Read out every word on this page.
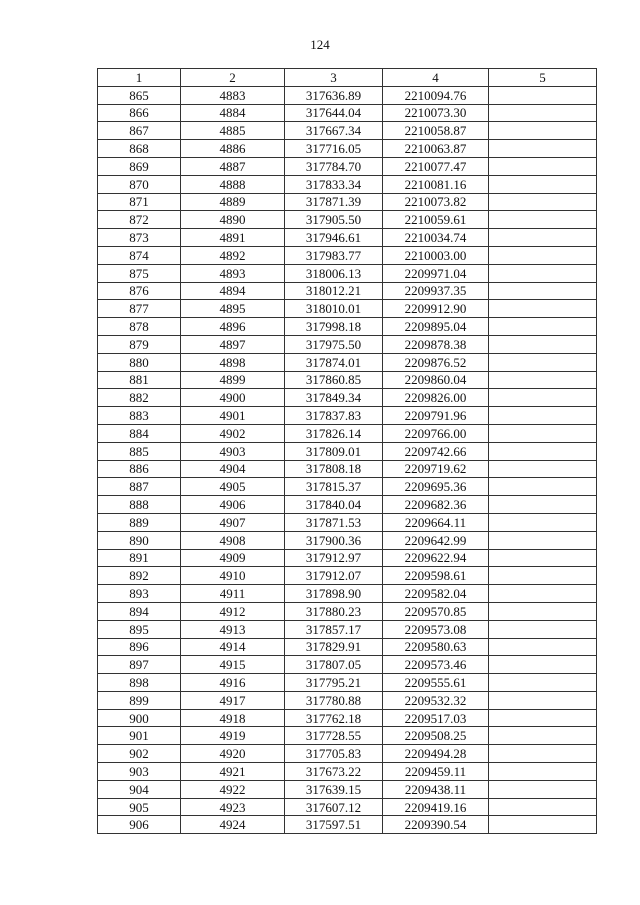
124
1	2	3	4	5
865	4883	317636.89	2210094.76	
866	4884	317644.04	2210073.30	
867	4885	317667.34	2210058.87	
868	4886	317716.05	2210063.87	
869	4887	317784.70	2210077.47	
870	4888	317833.34	2210081.16	
871	4889	317871.39	2210073.82	
872	4890	317905.50	2210059.61	
873	4891	317946.61	2210034.74	
874	4892	317983.77	2210003.00	
875	4893	318006.13	2209971.04	
876	4894	318012.21	2209937.35	
877	4895	318010.01	2209912.90	
878	4896	317998.18	2209895.04	
879	4897	317975.50	2209878.38	
880	4898	317874.01	2209876.52	
881	4899	317860.85	2209860.04	
882	4900	317849.34	2209826.00	
883	4901	317837.83	2209791.96	
884	4902	317826.14	2209766.00	
885	4903	317809.01	2209742.66	
886	4904	317808.18	2209719.62	
887	4905	317815.37	2209695.36	
888	4906	317840.04	2209682.36	
889	4907	317871.53	2209664.11	
890	4908	317900.36	2209642.99	
891	4909	317912.97	2209622.94	
892	4910	317912.07	2209598.61	
893	4911	317898.90	2209582.04	
894	4912	317880.23	2209570.85	
895	4913	317857.17	2209573.08	
896	4914	317829.91	2209580.63	
897	4915	317807.05	2209573.46	
898	4916	317795.21	2209555.61	
899	4917	317780.88	2209532.32	
900	4918	317762.18	2209517.03	
901	4919	317728.55	2209508.25	
902	4920	317705.83	2209494.28	
903	4921	317673.22	2209459.11	
904	4922	317639.15	2209438.11	
905	4923	317607.12	2209419.16	
906	4924	317597.51	2209390.54	
